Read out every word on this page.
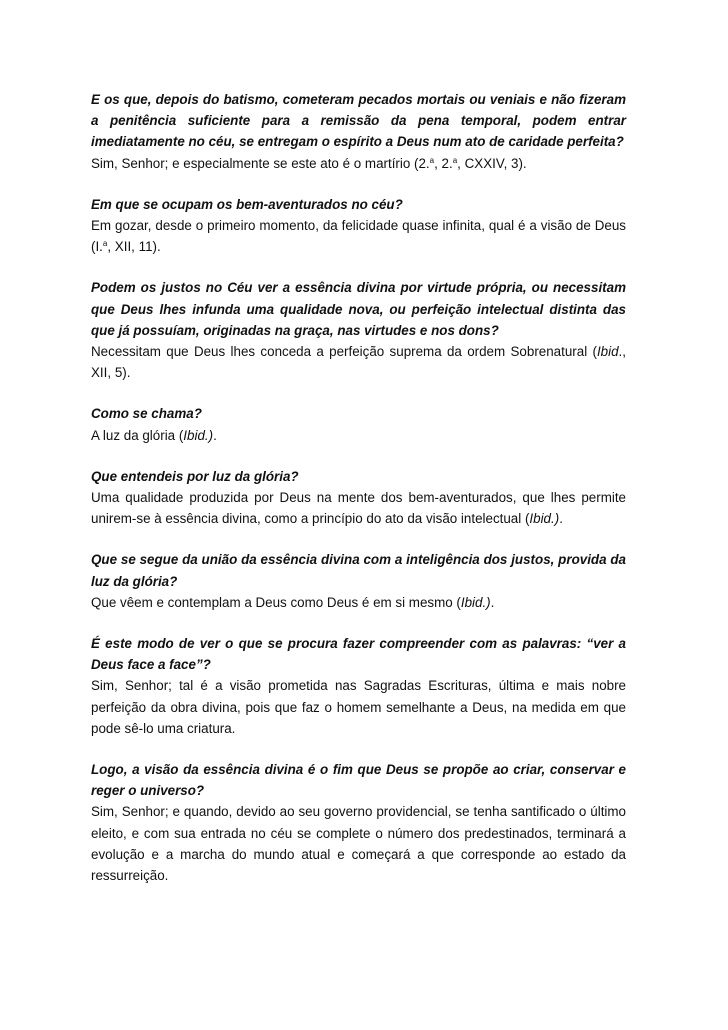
E os que, depois do batismo, cometeram pecados mortais ou veniais e não fizeram a penitência suficiente para a remissão da pena temporal, podem entrar imediatamente no céu, se entregam o espírito a Deus num ato de caridade perfeita?

Sim, Senhor; e especialmente se este ato é o martírio (2.$^a$, 2.$^a$, CXXIV, 3).

Em que se ocupam os bem-aventurados no céu?

Em gozar, desde o primeiro momento, da felicidade quase infinita, qual é a visão de Deus (I.$^a$, XII, 11).

Podem os justos no Céu ver a essência divina por virtude própria, ou necessitam que Deus lhes infunda uma qualidade nova, ou perfeição intelectual distinta das que já possuíam, originadas na graça, nas virtudes e nos dons?

Necessitam que Deus lhes conceda a perfeição suprema da ordem Sobrenatural (Ibid., XII, 5).

Como se chama?

A luz da glória (Ibid.).

Que entendeis por luz da glória?

Uma qualidade produzida por Deus na mente dos bem-aventurados, que lhes permite unirem-se à essência divina, como a princípio do ato da visão intelectual (Ibid.).

Que se segue da união da essência divina com a inteligência dos justos, provida da luz da glória?

Que vêem e contemplam a Deus como Deus é em si mesmo (Ibid.).

É este modo de ver o que se procura fazer compreender com as palavras: “ver a Deus face a face”?

Sim, Senhor; tal é a visão prometida nas Sagradas Escrituras, última e mais nobre perfeição da obra divina, pois que faz o homem semelhante a Deus, na medida em que pode sê-lo uma criatura.

Logo, a visão da essência divina é o fim que Deus se propõe ao criar, conservar e reger o universo?

Sim, Senhor; e quando, devido ao seu governo providencial, se tenha santificado o último eleito, e com sua entrada no céu se complete o número dos predestinados, terminará a evolução e a marcha do mundo atual e começará a que corresponde ao estado da ressurreição.
